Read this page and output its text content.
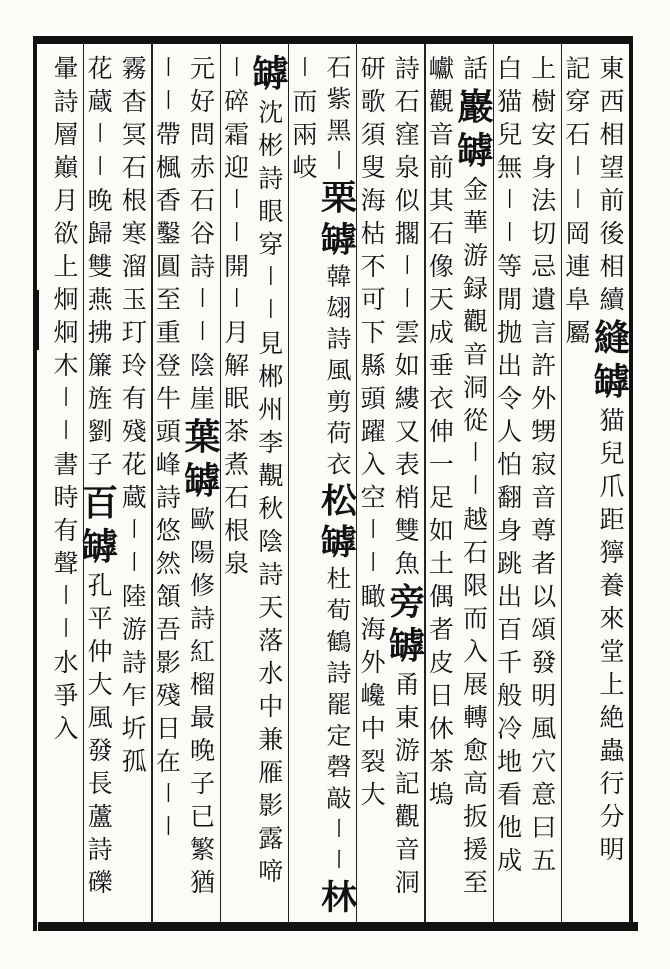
東
西
相
望
前
後
相
續
縫
罅
猫
兒
爪
距
獰
養
來
堂
上
絶
蟲
行
分
明
記
穿
石
〡
〡
岡
連
阜
屬
上
樹
安
身
法
切
忌
遺
言
許
外
甥
寂
音
尊
者
以
頌
發
明
風
穴
意
曰
五
白
猫
兒
無
〡
〡
等
閒
抛
出
令
人
怕
翻
身
跳
出
百
千
般
冷
地
看
他
成
話
巖
罅
金
華
游
録
觀
音
洞
從
〡
〡
越
石
限
而
入
展
轉
愈
高
扳
援
至
巘
觀
音
前
其
石
像
天
成
垂
衣
伸
一
足
如
土
偶
者
皮
日
休
茶
塢
詩
石
窪
泉
似
擱
〡
〡
雲
如
縷
又
表
梢
雙
魚
旁
罅
甬
東
游
記
觀
音
洞
研
歌
須
叟
海
枯
不
可
下
縣
頭
躍
入
空
〡
〡
瞰
海
外
巉
中
裂
大
石
紫
黑
〡
栗
罅
韓
翃
詩
風
剪
荷
衣
松
罅
杜
荀
鶴
詩
罷
定
磬
敲
〡
〡
林
〡
而
兩
岐
罅
沈
彬
詩
眼
穿
〡
〡
見
郴
州
李
覯
秋
陰
詩
天
落
水
中
兼
雁
影
露
啼
〡
碎
霜
迎
〡
〡
開
〡
月
解
眠
茶
煮
石
根
泉
元
好
問
赤
石
谷
詩
〡
〡
陰
崖
葉
罅
歐
陽
修
詩
紅
榴
最
晚
子
已
繁
猶
〡
〡
帶
楓
香
鑿
圓
至
重
登
牛
頭
峰
詩
悠
然
頷
吾
影
殘
日
在
〡
〡
霧
杳
冥
石
根
寒
溜
玉
玎
玲
有
殘
花
蔵
〡
〡
陸
游
詩
乍
圻
孤
花
蔵
〡
〡
晚
歸
雙
燕
拂
簾
旌
劉
子
百
罅
孔
平
仲
大
風
發
長
蘆
詩
礫
暈
詩
層
巔
月
欲
上
炯
炯
木
〡
〡
書
時
有
聲
〡
〡
水
爭
入
